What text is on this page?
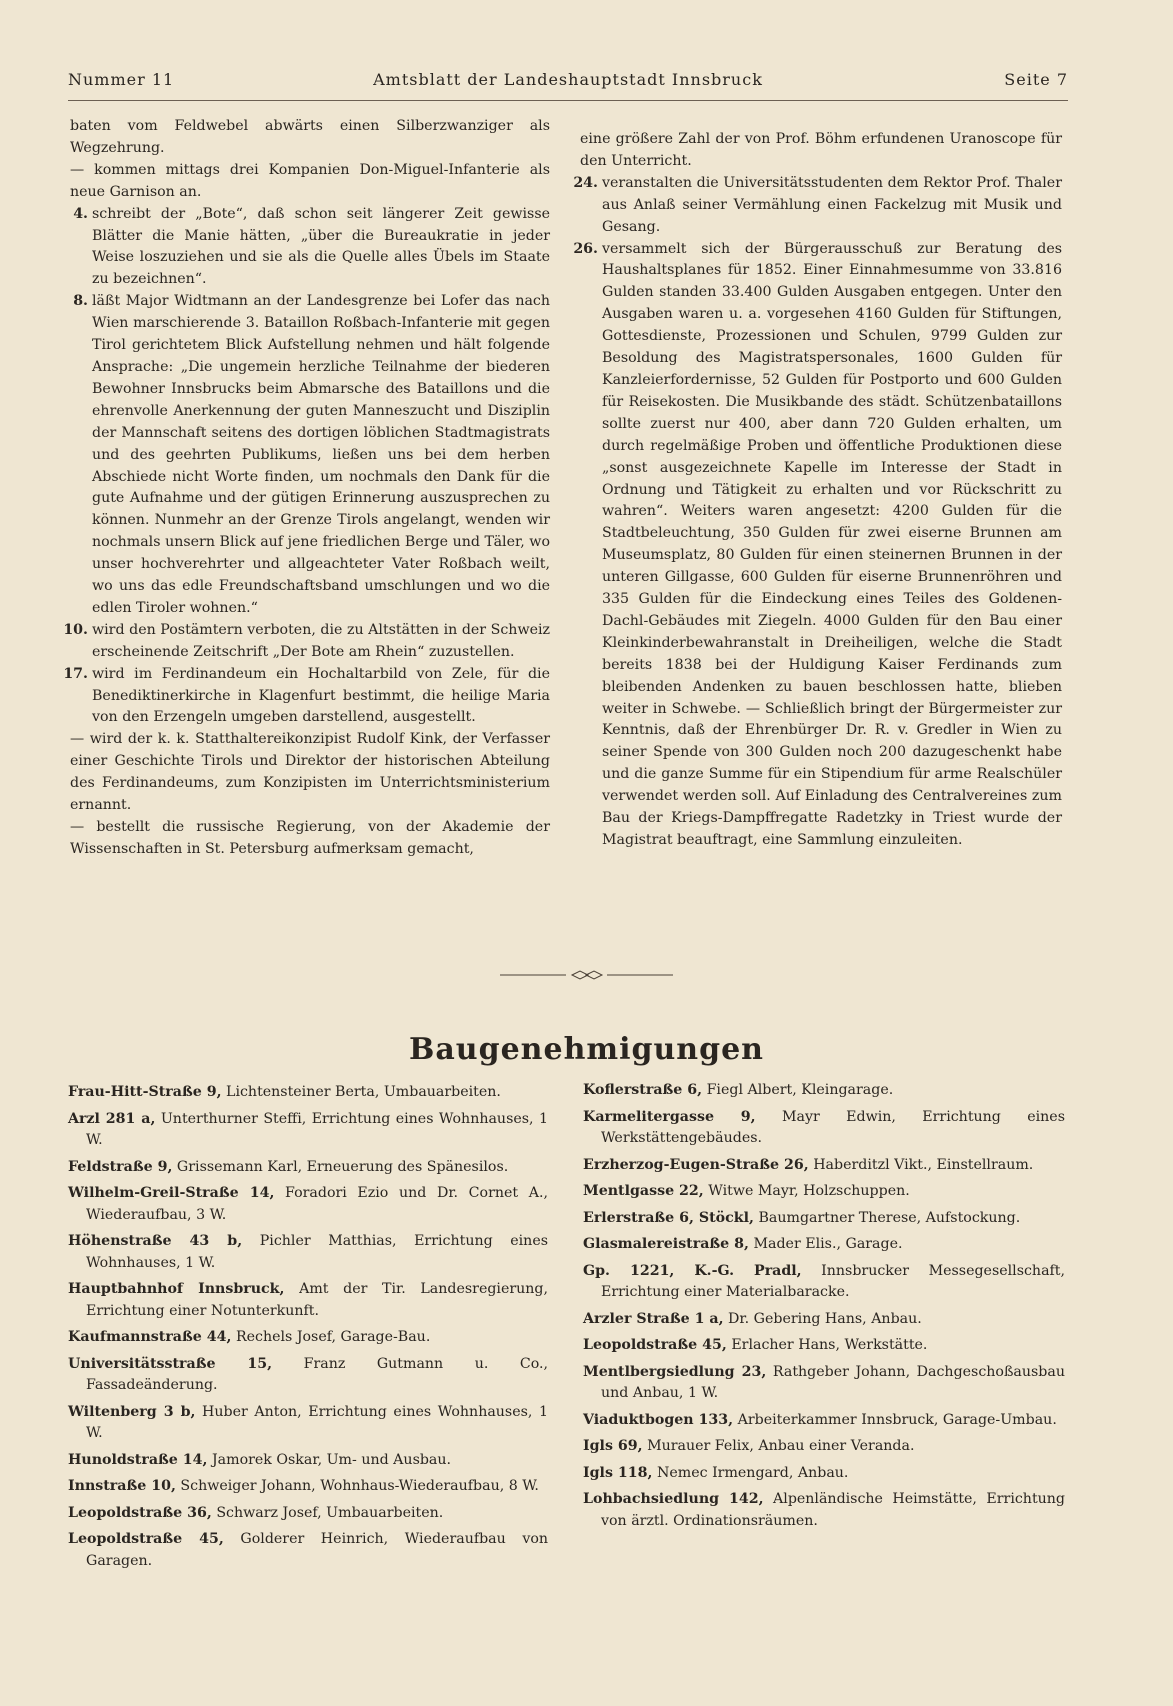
Nummer 11	Amtsblatt der Landeshauptstadt Innsbruck	Seite 7

baten vom Feldwebel abwärts einen Silberzwanziger als Wegzehrung.

— kommen mittags drei Kompanien Don-Miguel-Infanterie als neue Garnison an.

4. schreibt der „Bote“, daß schon seit längerer Zeit gewisse Blätter die Manie hätten, „über die Bureaukratie in jeder Weise loszuziehen und sie als die Quelle alles Übels im Staate zu bezeichnen“.
8. läßt Major Widtmann an der Landesgrenze bei Lofer das nach Wien marschierende 3. Bataillon Roßbach-Infanterie mit gegen Tirol gerichtetem Blick Aufstellung nehmen und hält folgende Ansprache: „Die ungemein herzliche Teilnahme der biederen Bewohner Innsbrucks beim Abmarsche des Bataillons und die ehrenvolle Anerkennung der guten Manneszucht und Disziplin der Mannschaft seitens des dortigen löblichen Stadtmagistrats und des geehrten Publikums, ließen uns bei dem herben Abschiede nicht Worte finden, um nochmals den Dank für die gute Aufnahme und der gütigen Erinnerung auszusprechen zu können. Nunmehr an der Grenze Tirols angelangt, wenden wir nochmals unsern Blick auf jene friedlichen Berge und Täler, wo unser hochverehrter und allgeachteter Vater Roßbach weilt, wo uns das edle Freundschaftsband umschlungen und wo die edlen Tiroler wohnen.“
10. wird den Postämtern verboten, die zu Altstätten in der Schweiz erscheinende Zeitschrift „Der Bote am Rhein“ zuzustellen.
17. wird im Ferdinandeum ein Hochaltarbild von Zele, für die Benediktinerkirche in Klagenfurt bestimmt, die heilige Maria von den Erzengeln umgeben darstellend, ausgestellt.

— wird der k. k. Statthaltereikonzipist Rudolf Kink, der Verfasser einer Geschichte Tirols und Direktor der historischen Abteilung des Ferdinandeums, zum Konzipisten im Unterrichtsministerium ernannt.

— bestellt die russische Regierung, von der Akademie der Wissenschaften in St. Petersburg aufmerksam gemacht,

eine größere Zahl der von Prof. Böhm erfundenen Uranoscope für den Unterricht.

24. veranstalten die Universitätsstudenten dem Rektor Prof. Thaler aus Anlaß seiner Vermählung einen Fackelzug mit Musik und Gesang.
26. versammelt sich der Bürgerausschuß zur Beratung des Haushaltsplanes für 1852. Einer Einnahmesumme von 33.816 Gulden standen 33.400 Gulden Ausgaben entgegen. Unter den Ausgaben waren u. a. vorgesehen 4160 Gulden für Stiftungen, Gottesdienste, Prozessionen und Schulen, 9799 Gulden zur Besoldung des Magistratspersonales, 1600 Gulden für Kanzleierfordernisse, 52 Gulden für Postporto und 600 Gulden für Reisekosten. Die Musikbande des städt. Schützenbataillons sollte zuerst nur 400, aber dann 720 Gulden erhalten, um durch regelmäßige Proben und öffentliche Produktionen diese „sonst ausgezeichnete Kapelle im Interesse der Stadt in Ordnung und Tätigkeit zu erhalten und vor Rückschritt zu wahren“. Weiters waren angesetzt: 4200 Gulden für die Stadtbeleuchtung, 350 Gulden für zwei eiserne Brunnen am Museumsplatz, 80 Gulden für einen steinernen Brunnen in der unteren Gillgasse, 600 Gulden für eiserne Brunnenröhren und 335 Gulden für die Eindeckung eines Teiles des Goldenen-Dachl-Gebäudes mit Ziegeln. 4000 Gulden für den Bau einer Kleinkinderbewahranstalt in Dreiheiligen, welche die Stadt bereits 1838 bei der Huldigung Kaiser Ferdinands zum bleibenden Andenken zu bauen beschlossen hatte, blieben weiter in Schwebe. — Schließlich bringt der Bürgermeister zur Kenntnis, daß der Ehrenbürger Dr. R. v. Gredler in Wien zu seiner Spende von 300 Gulden noch 200 dazugeschenkt habe und die ganze Summe für ein Stipendium für arme Realschüler verwendet werden soll. Auf Einladung des Centralvereines zum Bau der Kriegs-Dampffregatte Radetzky in Triest wurde der Magistrat beauftragt, eine Sammlung einzuleiten.
Baugenehmigungen

Frau-Hitt-Straße 9, Lichtensteiner Berta, Umbauarbeiten.

Arzl 281 a, Unterthurner Steffi, Errichtung eines Wohnhauses, 1 W.

Feldstraße 9, Grissemann Karl, Erneuerung des Spänesilos.

Wilhelm-Greil-Straße 14, Foradori Ezio und Dr. Cornet A., Wiederaufbau, 3 W.

Höhenstraße 43 b, Pichler Matthias, Errichtung eines Wohnhauses, 1 W.

Hauptbahnhof Innsbruck, Amt der Tir. Landesregierung, Errichtung einer Notunterkunft.

Kaufmannstraße 44, Rechels Josef, Garage-Bau.

Universitätsstraße 15, Franz Gutmann u. Co., Fassadeänderung.

Wiltenberg 3 b, Huber Anton, Errichtung eines Wohnhauses, 1 W.

Hunoldstraße 14, Jamorek Oskar, Um- und Ausbau.

Innstraße 10, Schweiger Johann, Wohnhaus-Wiederaufbau, 8 W.

Leopoldstraße 36, Schwarz Josef, Umbauarbeiten.

Leopoldstraße 45, Golderer Heinrich, Wiederaufbau von Garagen.

Koflerstraße 6, Fiegl Albert, Kleingarage.

Karmelitergasse 9, Mayr Edwin, Errichtung eines Werkstättengebäudes.

Erzherzog-Eugen-Straße 26, Haberditzl Vikt., Einstellraum.

Mentlgasse 22, Witwe Mayr, Holzschuppen.

Erlerstraße 6, Stöckl, Baumgartner Therese, Aufstockung.

Glasmalereistraße 8, Mader Elis., Garage.

Gp. 1221, K.-G. Pradl, Innsbrucker Messegesellschaft, Errichtung einer Materialbaracke.

Arzler Straße 1 a, Dr. Gebering Hans, Anbau.

Leopoldstraße 45, Erlacher Hans, Werkstätte.

Mentlbergsiedlung 23, Rathgeber Johann, Dachgeschoßausbau und Anbau, 1 W.

Viaduktbogen 133, Arbeiterkammer Innsbruck, Garage-Umbau.

Igls 69, Murauer Felix, Anbau einer Veranda.

Igls 118, Nemec Irmengard, Anbau.

Lohbachsiedlung 142, Alpenländische Heimstätte, Errichtung von ärztl. Ordinationsräumen.
